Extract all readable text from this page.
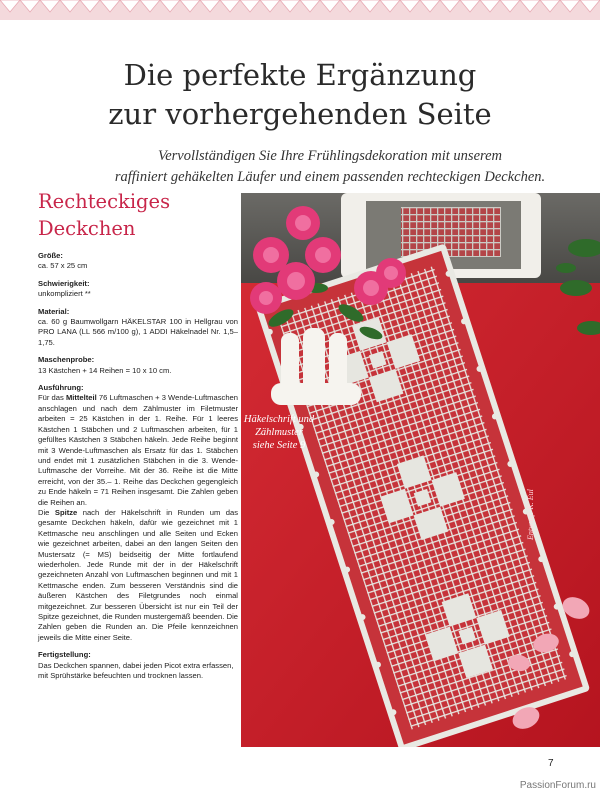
Die perfekte Ergänzung
zur vorhergehenden Seite

Vervollständigen Sie Ihre Frühlingsdekoration mit unserem
raffiniert gehäkelten Läufer und einem passenden rechteckigen Deckchen.

Rechteckiges
Deckchen

Größe:
ca. 57 x 25 cm

Schwierigkeit:
unkompliziert **

Material:
ca. 60 g Baumwollgarn HÄKELSTAR 100 in Hellgrau von PRO LANA (LL 566 m/100 g), 1 ADDI Häkelnadel Nr. 1,5–1,75.

Maschenprobe:
13 Kästchen + 14 Reihen = 10 x 10 cm.

Ausführung:
Für das Mittelteil 76 Luftmaschen + 3 Wende-Luftmaschen anschlagen und nach dem Zählmuster im Filetmuster arbeiten = 25 Kästchen in der 1. Reihe. Für 1 leeres Kästchen 1 Stäbchen und 2 Luftmaschen arbeiten, für 1 gefülltes Kästchen 3 Stäbchen häkeln. Jede Reihe beginnt mit 3 Wende-Luftmaschen als Ersatz für das 1. Stäbchen und endet mit 1 zusätzlichen Stäbchen in die 3. Wende-Luftmasche der Vorreihe. Mit der 36. Reihe ist die Mitte erreicht, von der 35.– 1. Reihe das Deckchen gegengleich zu Ende häkeln = 71 Reihen insgesamt. Die Zahlen geben die Reihen an.
Die Spitze nach der Häkelschrift in Runden um das gesamte Deckchen häkeln, dafür wie gezeichnet mit 1 Kettmasche neu anschlingen und alle Seiten und Ecken wie gezeichnet arbeiten, dabei an den langen Seiten den Mustersatz (= MS) beidseitig der Mitte fortlaufend wiederholen. Jede Runde mit der in der Häkelschrift gezeichneten Anzahl von Luftmaschen beginnen und mit 1 Kettmasche enden. Zum besseren Verständnis sind die äußeren Kästchen des Filetgrundes noch einmal mitgezeichnet. Zur besseren Übersicht ist nur ein Teil der Spitze gezeichnet, die Runden mustergemäß beenden. Die Zahlen geben die Runden an. Die Pfeile kennzeichnen jeweils die Mitte einer Seite.

Fertigstellung:
Das Deckchen spannen, dabei jeden Picot extra erfassen, mit Sprühstärke befeuchten und trocknen lassen.

Häkelschrift und
Zählmuster
siehe Seite 9
Entwurf: K. Eul
7
PassionForum.ru
